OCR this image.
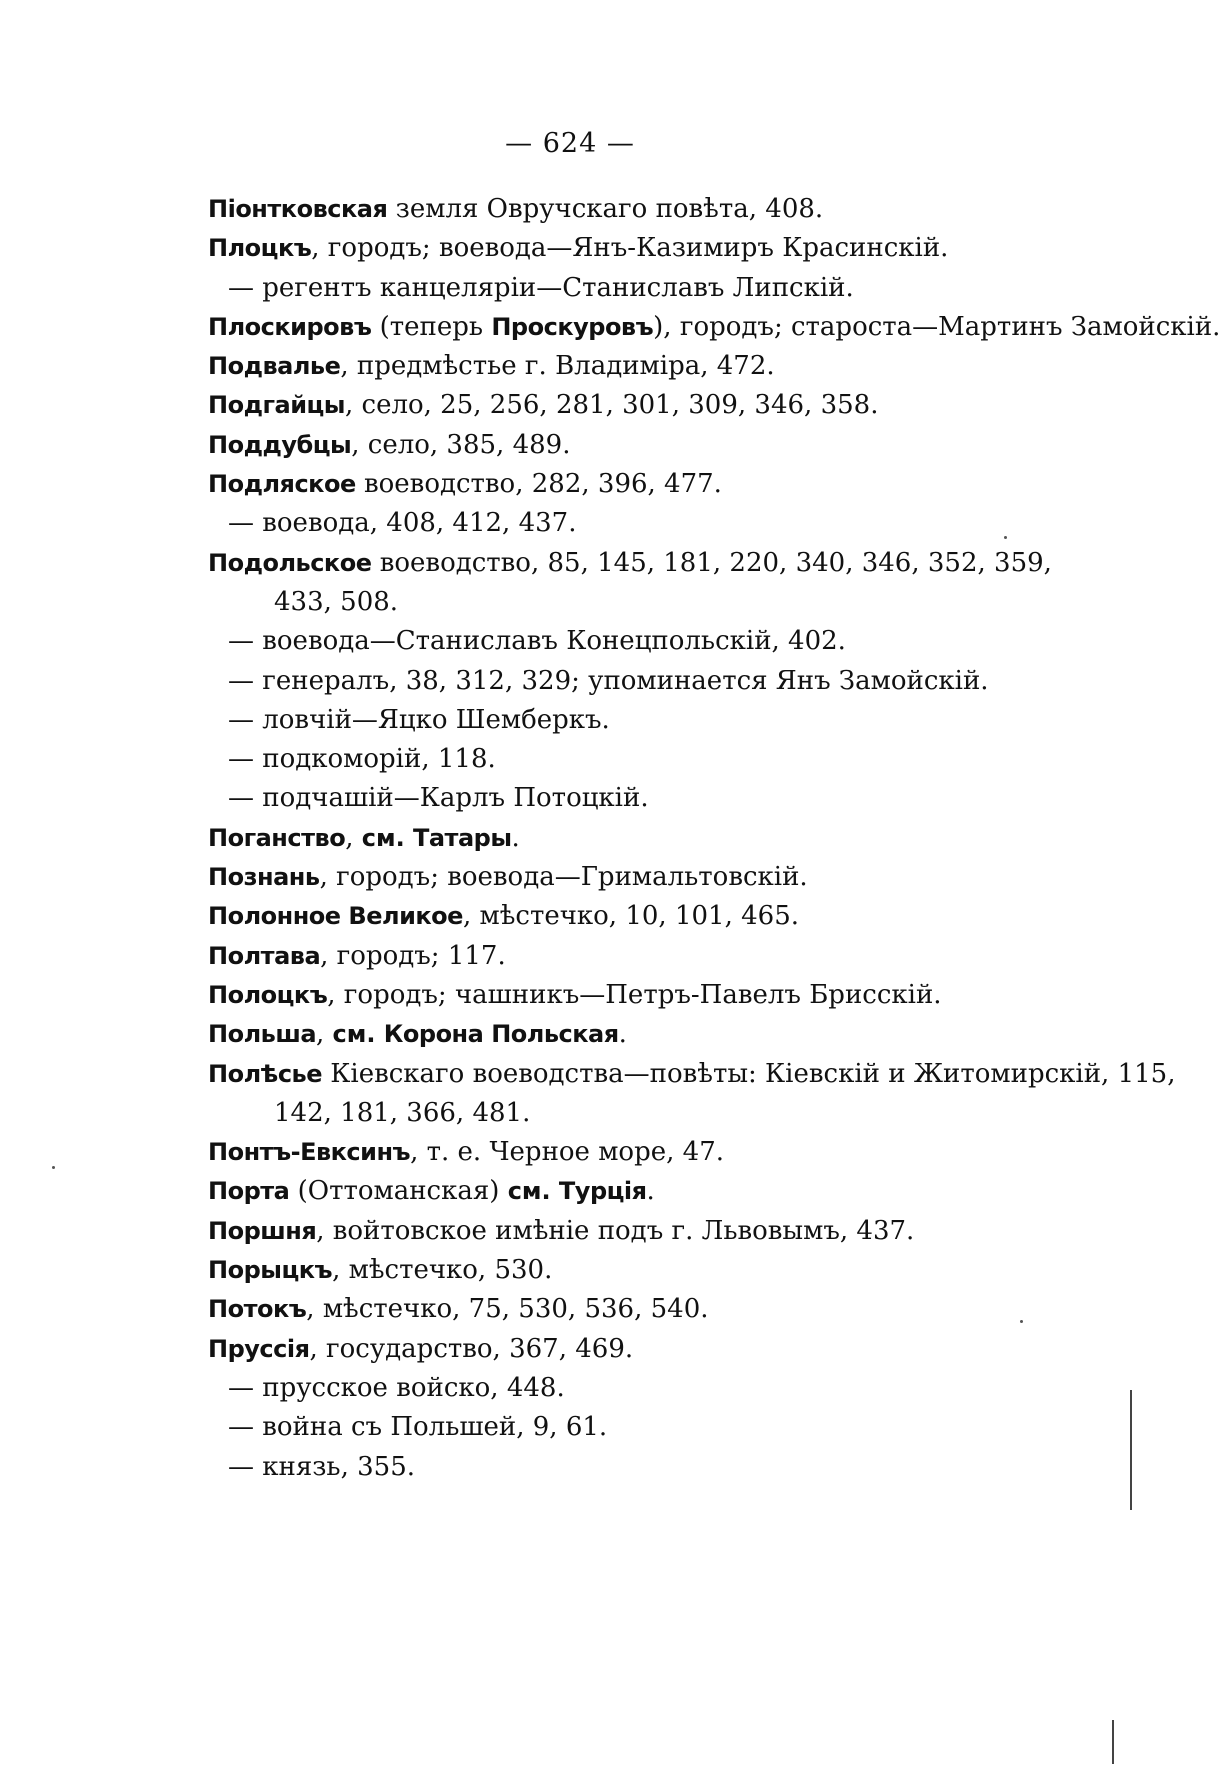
— 624 —
Піонтковская земля Овручскаго повѣта, 408.
Плоцкъ, городъ; воевода—Янъ-Казимиръ Красинскій.
— регентъ канцеляріи—Станиславъ Липскій.
Плоскировъ (теперь Проскуровъ), городъ; староста—Мартинъ Замойскій.
Подвалье, предмѣстье г. Владиміра, 472.
Подгайцы, село, 25, 256, 281, 301, 309, 346, 358.
Поддубцы, село, 385, 489.
Подляское воеводство, 282, 396, 477.
— воевода, 408, 412, 437.
Подольское воеводство, 85, 145, 181, 220, 340, 346, 352, 359,
433, 508.
— воевода—Станиславъ Конецпольскій, 402.
— генералъ, 38, 312, 329; упоминается Янъ Замойскій.
— ловчій—Яцко Шемберкъ.
— подкоморій, 118.
— подчашій—Карлъ Потоцкій.
Поганство, см. Татары.
Познань, городъ; воевода—Гримальтовскій.
Полонное Великое, мѣстечко, 10, 101, 465.
Полтава, городъ; 117.
Полоцкъ, городъ; чашникъ—Петръ-Павелъ Брисскій.
Польша, см. Корона Польская.
Полѣсье Кіевскаго воеводства—повѣты: Кіевскій и Житомирскій, 115,
142, 181, 366, 481.
Понтъ-Евксинъ, т. е. Черное море, 47.
Порта (Оттоманская) см. Турція.
Поршня, войтовское имѣніе подъ г. Львовымъ, 437.
Порыцкъ, мѣстечко, 530.
Потокъ, мѣстечко, 75, 530, 536, 540.
Пруссія, государство, 367, 469.
— прусское войско, 448.
— война съ Польшей, 9, 61.
— князь, 355.
